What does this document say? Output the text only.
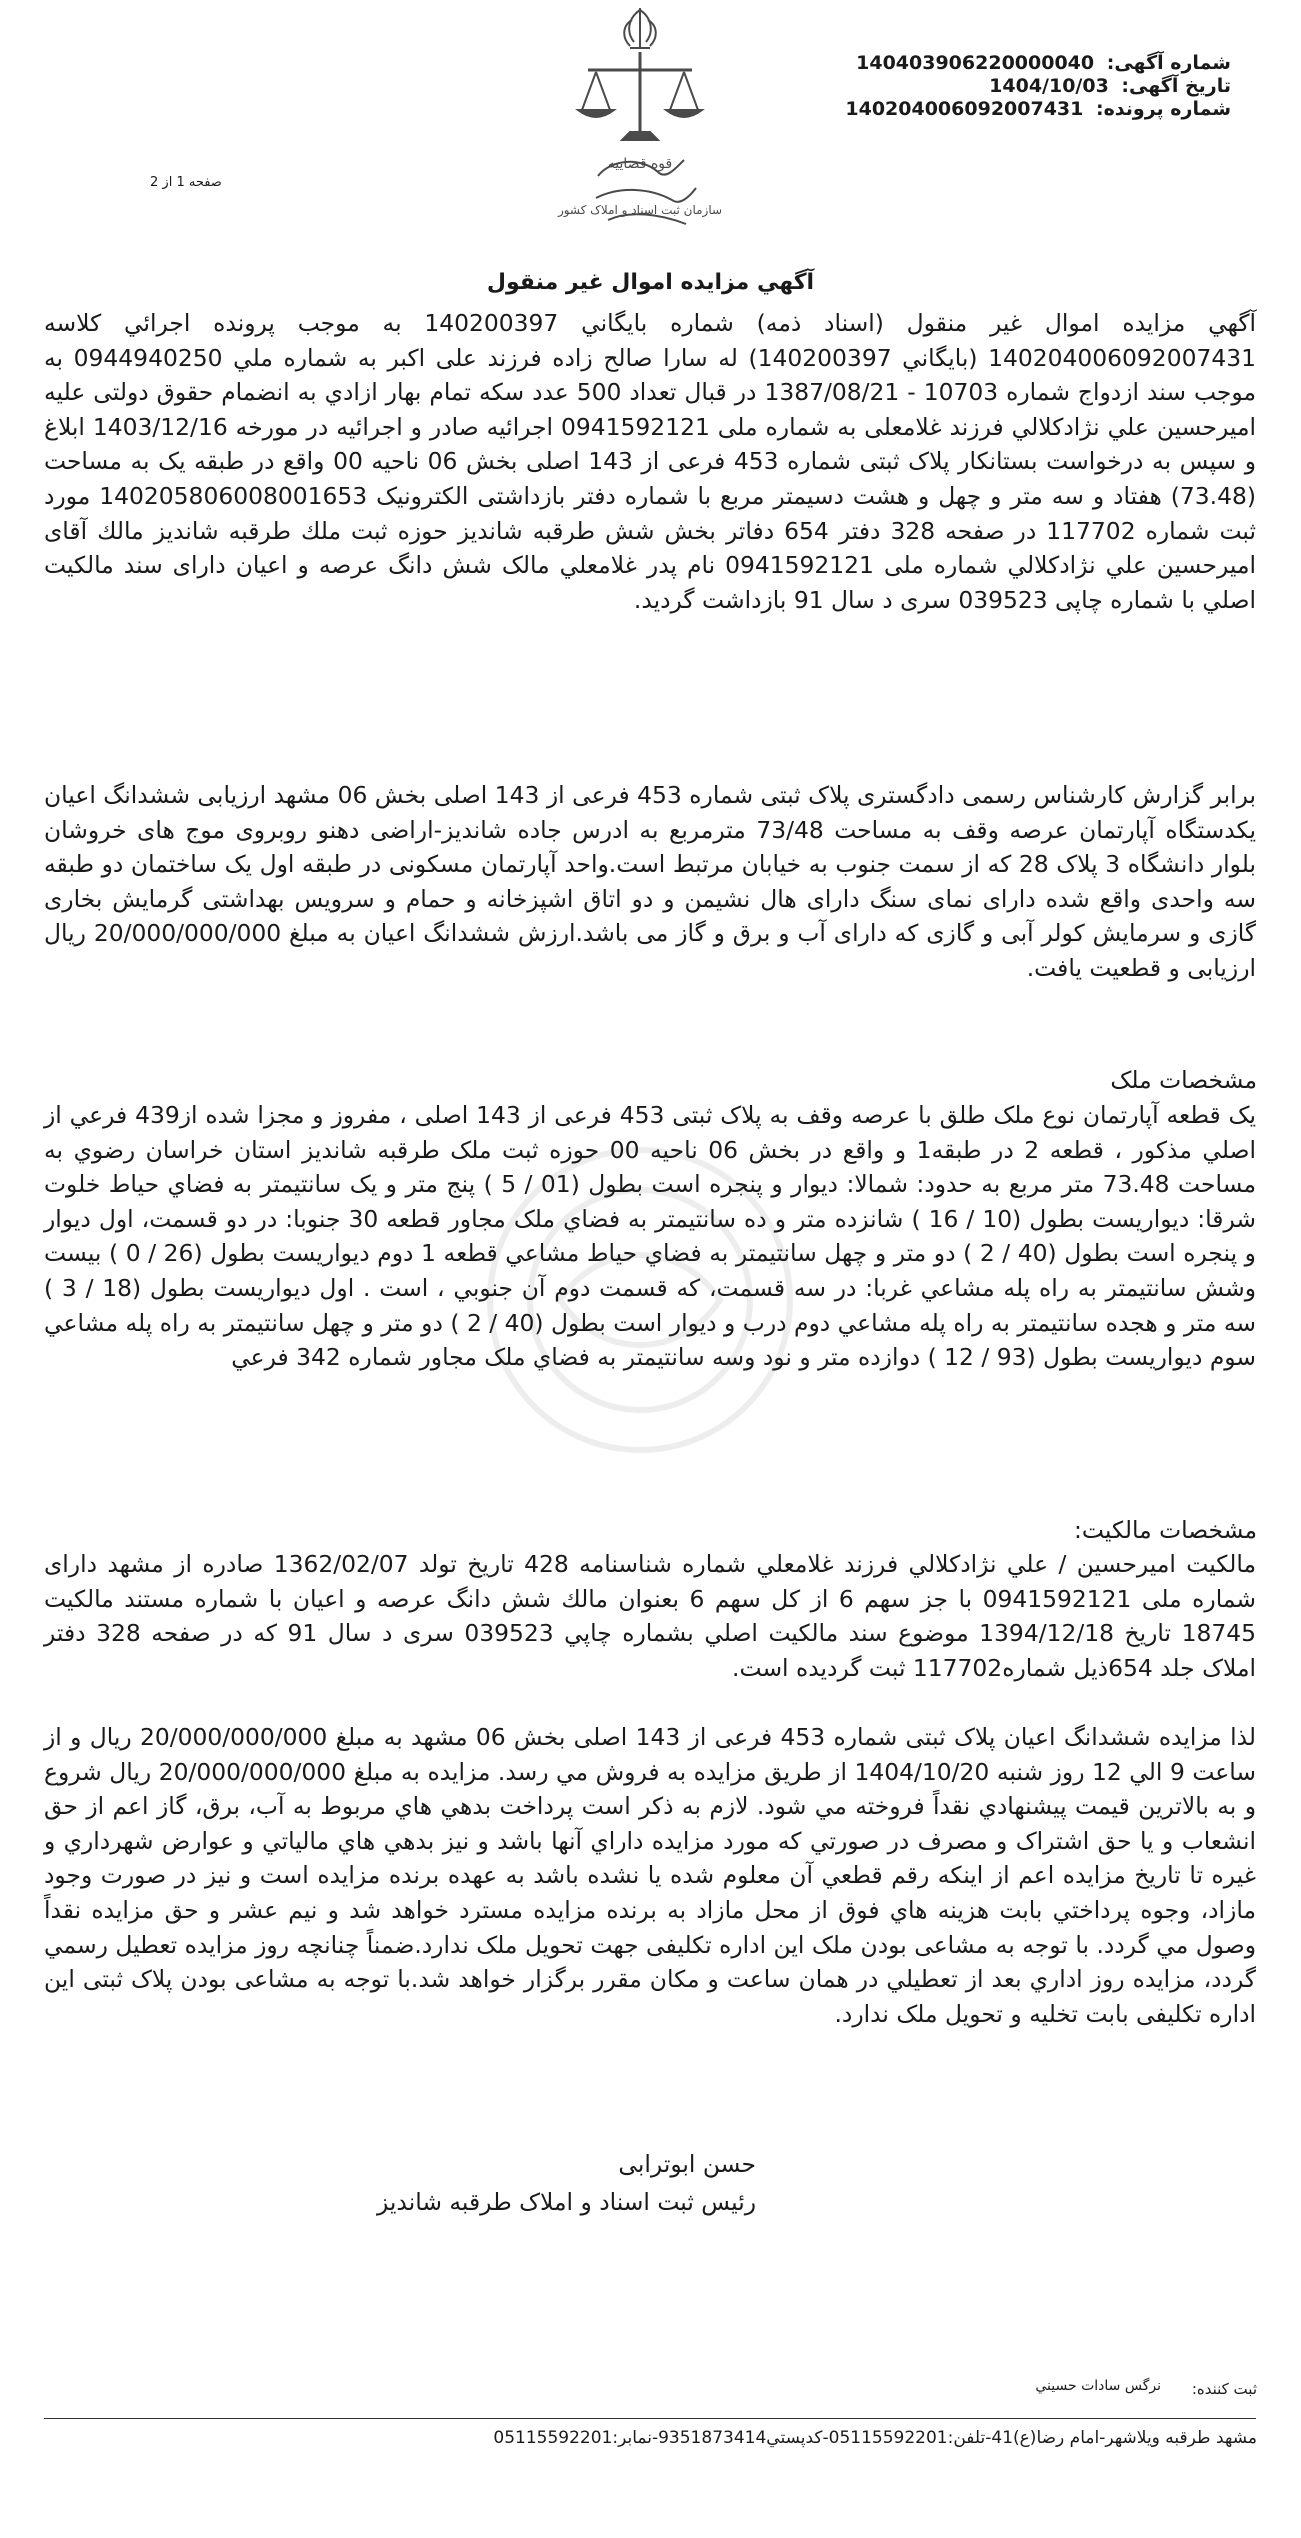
شماره آگهی: 140403906220000040
تاریخ آگهی: 1404/10/03
شماره پرونده: 140204006092007431
قوه قضاییه
سازمان ثبت اسناد و املاک کشور
صفحه 1 از 2
آگهي مزايده اموال غير منقول
آگهي مزايده اموال غير منقول (اسناد ذمه) شماره بايگاني 140200397 به موجب پرونده اجرائي كلاسه 140204006092007431 (بايگاني 140200397) له سارا صالح زاده فرزند علی اکبر به شماره ملي 0944940250 به موجب سند ازدواج شماره 10703 - 1387/08/21 در قبال تعداد 500 عدد سکه تمام بهار ازادي به انضمام حقوق دولتی علیه امیرحسین علي نژادکلالي فرزند غلامعلی به شماره ملی 0941592121 اجرائيه صادر و اجرائيه در مورخه 1403/12/16 ابلاغ و سپس به درخواست بستانكار پلاک ثبتی شماره 453 فرعی از 143 اصلی بخش 06 ناحيه 00 واقع در طبقه یک به مساحت (73.48) هفتاد و سه متر و چهل و هشت دسيمتر مربع با شماره دفتر بازداشتی الکترونیک 140205806008001653 مورد ثبت شماره 117702 در صفحه 328 دفتر 654 دفاتر بخش شش طرقبه شانديز حوزه ثبت ملك طرقبه شانديز مالك آقای امیرحسین علي نژادکلالي شماره ملی 0941592121 نام پدر غلامعلي مالک شش دانگ عرصه و اعيان دارای سند مالكيت اصلي با شماره چاپی 039523 سری د سال 91 بازداشت گرديد.
برابر گزارش کارشناس رسمی دادگستری پلاک ثبتی شماره 453 فرعی از 143 اصلی بخش 06 مشهد ارزیابی ششدانگ اعیان یکدستگاه آپارتمان عرصه وقف به مساحت 73/48 مترمربع به ادرس جاده شاندیز-اراضی دهنو روبروی موج های خروشان بلوار دانشگاه 3 پلاک 28 که از سمت جنوب به خیابان مرتبط است.واحد آپارتمان مسکونی در طبقه اول یک ساختمان دو طبقه سه واحدی واقع شده دارای نمای سنگ دارای هال نشیمن و دو اتاق اشپزخانه و حمام و سرویس بهداشتی گرمایش بخاری گازی و سرمایش کولر آبی و گازی که دارای آب و برق و گاز می باشد.ارزش ششدانگ اعیان به مبلغ 20/000/000/000 ریال ارزیابی و قطعیت یافت.
مشخصات ملک
يک قطعه آپارتمان نوع ملک طلق با عرصه وقف به پلاک ثبتی 453 فرعی از 143 اصلی ، مفروز و مجزا شده از439 فرعي از اصلي مذكور ، قطعه 2 در طبقه1 و واقع در بخش 06 ناحیه 00 حوزه ثبت ملک طرقبه شانديز استان خراسان رضوي به مساحت 73.48 متر مربع به حدود: شمالا: ديوار و پنجره است بطول (01 / 5 ) پنج متر و يک سانتيمتر به فضاي حياط خلوت شرقا: ديواريست بطول (10 / 16 ) شانزده متر و ده سانتيمتر به فضاي ملک مجاور قطعه 30 جنوبا: در دو قسمت، اول ديوار و پنجره است بطول (40 / 2 ) دو متر و چهل سانتيمتر به فضاي حياط مشاعي قطعه 1 دوم ديواريست بطول (26 / 0 ) بيست وشش سانتيمتر به راه پله مشاعي غربا: در سه قسمت، كه قسمت دوم آن جنوبي ، است . اول ديواريست بطول (18 / 3 ) سه متر و هجده سانتيمتر به راه پله مشاعي دوم درب و ديوار است بطول (40 / 2 ) دو متر و چهل سانتيمتر به راه پله مشاعي سوم ديواريست بطول (93 / 12 ) دوازده متر و نود وسه سانتيمتر به فضاي ملک مجاور شماره 342 فرعي
مشخصات مالکیت:
مالکيت اميرحسين / علي نژادکلالي فرزند غلامعلي شماره شناسنامه 428 تاريخ تولد 1362/02/07 صادره از مشهد دارای شماره ملی 0941592121 با جز سهم 6 از كل سهم 6 بعنوان مالك شش دانگ عرصه و اعيان با شماره مستند مالكيت 18745 تاريخ 1394/12/18 موضوع سند مالكيت اصلي بشماره چاپي 039523 سری د سال 91 كه در صفحه 328 دفتر املاک جلد 654ذيل شماره117702 ثبت گرديده است.
لذا مزایده ششدانگ اعیان پلاک ثبتی شماره 453 فرعی از 143 اصلی بخش 06 مشهد به مبلغ 20/000/000/000 ریال و از ساعت 9 الي 12 روز شنبه 1404/10/20 از طريق مزايده به فروش مي رسد. مزايده به مبلغ 20/000/000/000 ریال شروع و به بالاترين قيمت پيشنهادي نقداً فروخته مي شود. لازم به ذکر است پرداخت بدهي هاي مربوط به آب، برق، گاز اعم از حق انشعاب و يا حق اشتراک و مصرف در صورتي که مورد مزايده داراي آنها باشد و نيز بدهي هاي مالياتي و عوارض شهرداري و غيره تا تاريخ مزايده اعم از اينکه رقم قطعي آن معلوم شده يا نشده باشد به عهده برنده مزايده است و نيز در صورت وجود مازاد، وجوه پرداختي بابت هزينه هاي فوق از محل مازاد به برنده مزايده مسترد خواهد شد و نيم عشر و حق مزايده نقداً وصول مي گردد. با توجه به مشاعی بودن ملک این اداره تکلیفی جهت تحویل ملک ندارد.ضمناً چنانچه روز مزايده تعطيل رسمي گردد، مزايده روز اداري بعد از تعطيلي در همان ساعت و مكان مقرر برگزار خواهد شد.با توجه به مشاعی بودن پلاک ثبتی این اداره تکلیفی بابت تخلیه و تحویل ملک ندارد.
حسن ابوترابی
رئیس ثبت اسناد و املاک طرقبه شاندیز
ثبت کننده:
نرگس سادات حسيني
مشهد طرقبه ويلاشهر-امام رضا(ع)41-تلفن:05115592201-کدپستي9351873414-نمابر:05115592201
